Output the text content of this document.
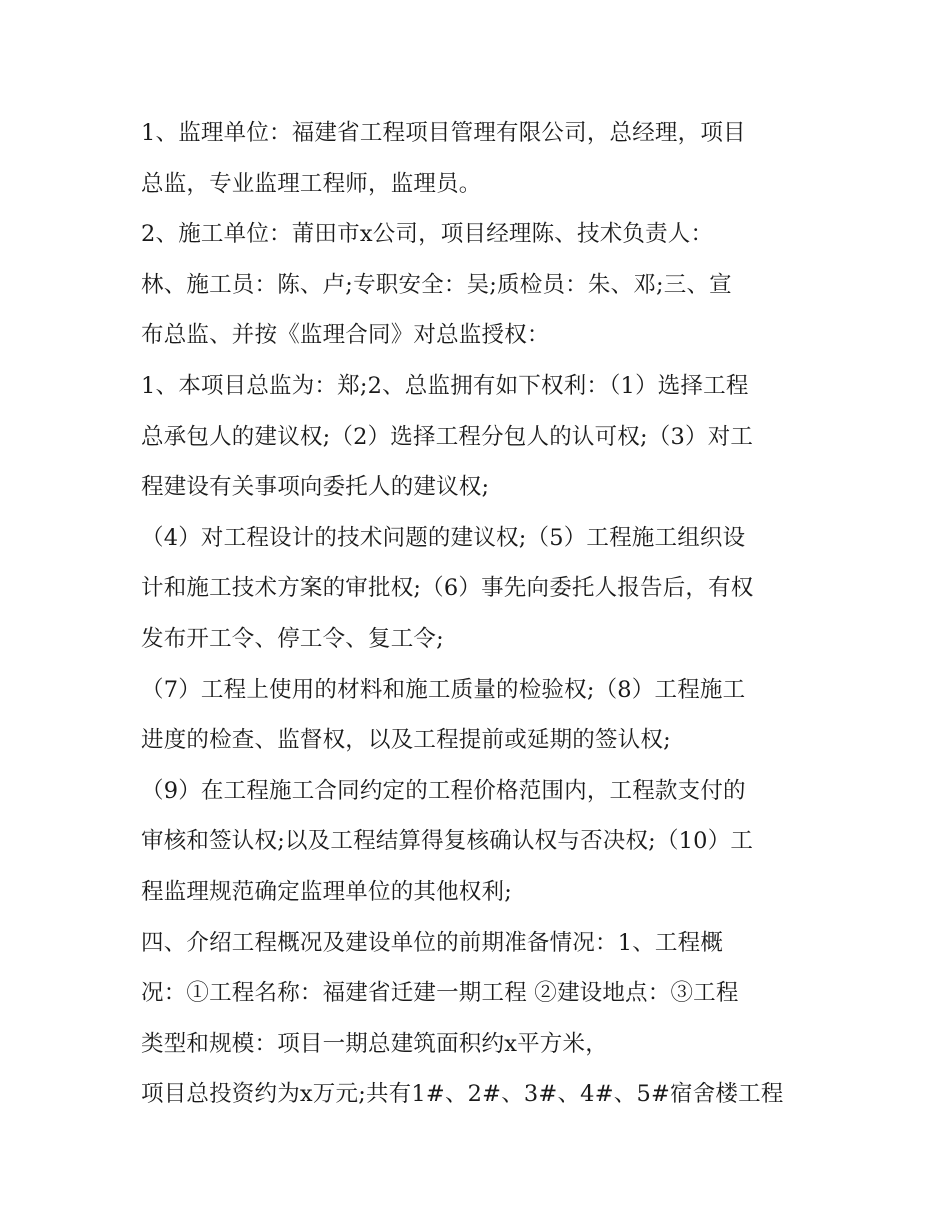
1、监理单位：福建省工程项目管理有限公司，总经理，项目
总监，专业监理工程师，监理员。
2、施工单位：莆田市x公司，项目经理陈、技术负责人：
林、施工员：陈、卢;专职安全：吴;质检员：朱、邓;三、宣
布总监、并按《监理合同》对总监授权：
1、本项目总监为：郑;2、总监拥有如下权利：（1）选择工程
总承包人的建议权;（2）选择工程分包人的认可权;（3）对工
程建设有关事项向委托人的建议权;
（4）对工程设计的技术问题的建议权;（5）工程施工组织设
计和施工技术方案的审批权;（6）事先向委托人报告后，有权
发布开工令、停工令、复工令;
（7）工程上使用的材料和施工质量的检验权;（8）工程施工
进度的检查、监督权，以及工程提前或延期的签认权;
（9）在工程施工合同约定的工程价格范围内，工程款支付的
审核和签认权;以及工程结算得复核确认权与否决权;（10）工
程监理规范确定监理单位的其他权利;
四、介绍工程概况及建设单位的前期准备情况：1、工程概
况：①工程名称：福建省迁建一期工程 ②建设地点：③工程
类型和规模：项目一期总建筑面积约x平方米，
项目总投资约为x万元;共有1#、2#、3#、4#、5#宿舍楼工程
